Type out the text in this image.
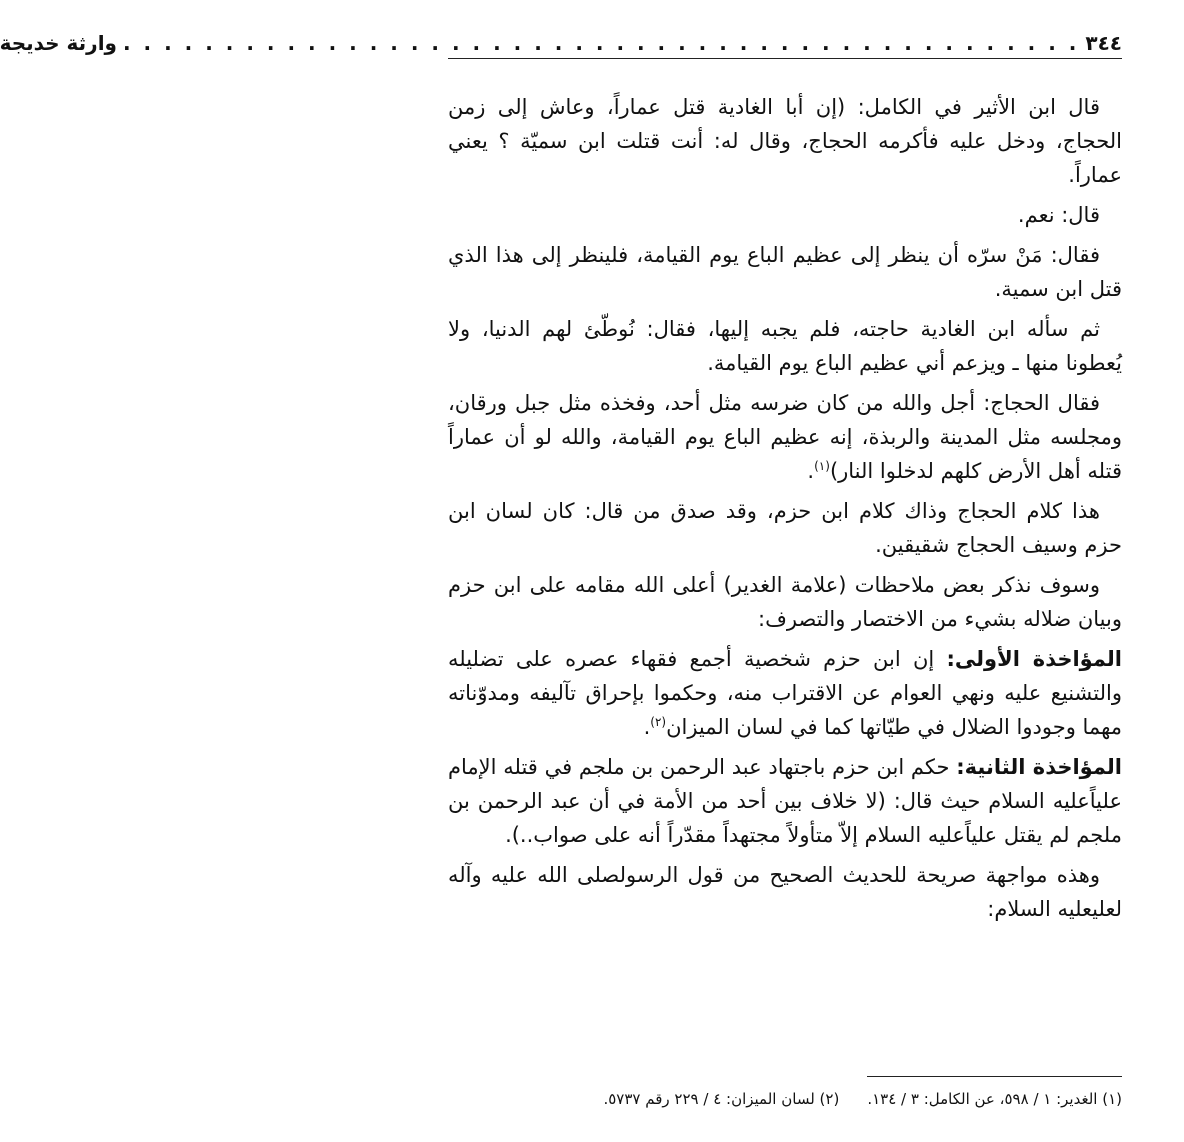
٣٤٤
. . . . . . . . . . . . . . . . . . . . . . . . . . . . . . . . . . . . . . . . . . . . . . .
وارثة خديجة

قال ابن الأثير في الكامل: (إن أبا الغادية قتل عماراً، وعاش إلى زمن الحجاج، ودخل عليه فأكرمه الحجاج، وقال له: أنت قتلت ابن سميّة ؟ يعني عماراً.

قال: نعم.

فقال: مَنْ سرّه أن ينظر إلى عظيم الباع يوم القيامة، فلينظر إلى هذا الذي قتل ابن سمية.

ثم سأله ابن الغادية حاجته، فلم يجبه إليها، فقال: نُوطّئ لهم الدنيا، ولا يُعطونا منها ـ ويزعم أني عظيم الباع يوم القيامة.

فقال الحجاج: أجل والله من كان ضرسه مثل أحد، وفخذه مثل جبل ورقان، ومجلسه مثل المدينة والربذة، إنه عظيم الباع يوم القيامة، والله لو أن عماراً قتله أهل الأرض كلهم لدخلوا النار)$^{(١)}$.

هذا كلام الحجاج وذاك كلام ابن حزم، وقد صدق من قال: كان لسان ابن حزم وسيف الحجاج شقيقين.

وسوف نذكر بعض ملاحظات (علامة الغدير) أعلى الله مقامه على ابن حزم وبيان ضلاله بشيء من الاختصار والتصرف:

المؤاخذة الأولى: إن ابن حزم شخصية أجمع فقهاء عصره على تضليله والتشنيع عليه ونهي العوام عن الاقتراب منه، وحكموا بإحراق تآليفه ومدوّناته مهما وجودوا الضلال في طيّاتها كما في لسان الميزان$^{(٢)}$.

المؤاخذة الثانية: حكم ابن حزم باجتهاد عبد الرحمن بن ملجم في قتله الإمام علياًعليه السلام حيث قال: (لا خلاف بين أحد من الأمة في أن عبد الرحمن بن ملجم لم يقتل علياًعليه السلام إلاّ متأولاً مجتهداً مقدّراً أنه على صواب..).

وهذه مواجهة صريحة للحديث الصحيح من قول الرسولصلى الله عليه وآله لعليعليه السلام:

(١) الغدير: ١ / ٥٩٨، عن الكامل: ٣ / ١٣٤.
(٢) لسان الميزان: ٤ / ٢٢٩ رقم ٥٧٣٧.
